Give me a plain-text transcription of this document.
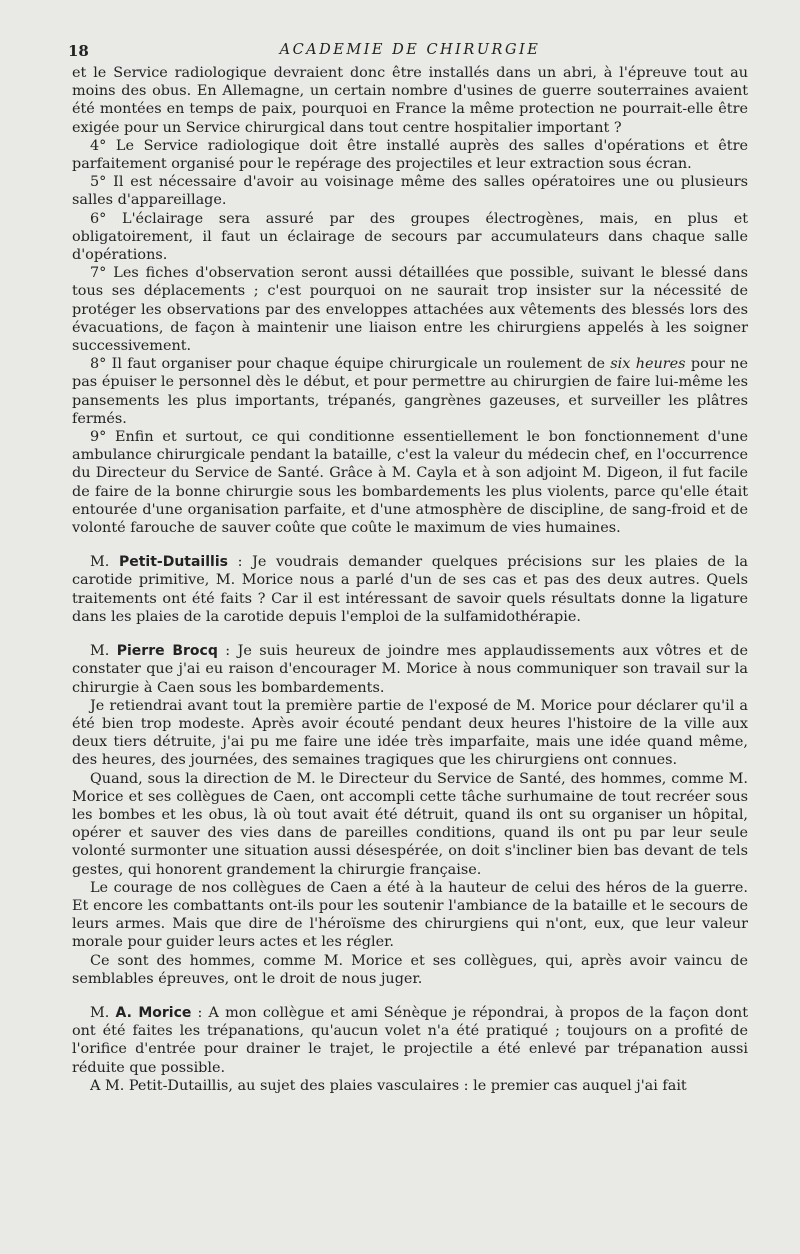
18	ACADEMIE DE CHIRURGIE

et le Service radiologique devraient donc être installés dans un abri, à l'épreuve tout au moins des obus. En Allemagne, un certain nombre d'usines de guerre souterraines avaient été montées en temps de paix, pourquoi en France la même protection ne pourrait-elle être exigée pour un Service chirurgical dans tout centre hospitalier important ?

4° Le Service radiologique doit être installé auprès des salles d'opérations et être parfaitement organisé pour le repérage des projectiles et leur extraction sous écran.

5° Il est nécessaire d'avoir au voisinage même des salles opératoires une ou plusieurs salles d'appareillage.

6° L'éclairage sera assuré par des groupes électrogènes, mais, en plus et obligatoirement, il faut un éclairage de secours par accumulateurs dans chaque salle d'opérations.

7° Les fiches d'observation seront aussi détaillées que possible, suivant le blessé dans tous ses déplacements ; c'est pourquoi on ne saurait trop insister sur la nécessité de protéger les observations par des enveloppes attachées aux vêtements des blessés lors des évacuations, de façon à maintenir une liaison entre les chirurgiens appelés à les soigner successivement.

8° Il faut organiser pour chaque équipe chirurgicale un roulement de six heures pour ne pas épuiser le personnel dès le début, et pour permettre au chirurgien de faire lui-même les pansements les plus importants, trépanés, gangrènes gazeuses, et surveiller les plâtres fermés.

9° Enfin et surtout, ce qui conditionne essentiellement le bon fonctionnement d'une ambulance chirurgicale pendant la bataille, c'est la valeur du médecin chef, en l'occurrence du Directeur du Service de Santé. Grâce à M. Cayla et à son adjoint M. Digeon, il fut facile de faire de la bonne chirurgie sous les bombardements les plus violents, parce qu'elle était entourée d'une organisation parfaite, et d'une atmosphère de discipline, de sang-froid et de volonté farouche de sauver coûte que coûte le maximum de vies humaines.

M. Petit-Dutaillis : Je voudrais demander quelques précisions sur les plaies de la carotide primitive, M. Morice nous a parlé d'un de ses cas et pas des deux autres. Quels traitements ont été faits ? Car il est intéressant de savoir quels résultats donne la ligature dans les plaies de la carotide depuis l'emploi de la sulfamidothérapie.

M. Pierre Brocq : Je suis heureux de joindre mes applaudissements aux vôtres et de constater que j'ai eu raison d'encourager M. Morice à nous communiquer son travail sur la chirurgie à Caen sous les bombardements.

Je retiendrai avant tout la première partie de l'exposé de M. Morice pour déclarer qu'il a été bien trop modeste. Après avoir écouté pendant deux heures l'histoire de la ville aux deux tiers détruite, j'ai pu me faire une idée très imparfaite, mais une idée quand même, des heures, des journées, des semaines tragiques que les chirurgiens ont connues.

Quand, sous la direction de M. le Directeur du Service de Santé, des hommes, comme M. Morice et ses collègues de Caen, ont accompli cette tâche surhumaine de tout recréer sous les bombes et les obus, là où tout avait été détruit, quand ils ont su organiser un hôpital, opérer et sauver des vies dans de pareilles conditions, quand ils ont pu par leur seule volonté surmonter une situation aussi désespérée, on doit s'incliner bien bas devant de tels gestes, qui honorent grandement la chirurgie française.

Le courage de nos collègues de Caen a été à la hauteur de celui des héros de la guerre. Et encore les combattants ont-ils pour les soutenir l'ambiance de la bataille et le secours de leurs armes. Mais que dire de l'héroïsme des chirurgiens qui n'ont, eux, que leur valeur morale pour guider leurs actes et les régler.

Ce sont des hommes, comme M. Morice et ses collègues, qui, après avoir vaincu de semblables épreuves, ont le droit de nous juger.

M. A. Morice : A mon collègue et ami Sénèque je répondrai, à propos de la façon dont ont été faites les trépanations, qu'aucun volet n'a été pratiqué ; toujours on a profité de l'orifice d'entrée pour drainer le trajet, le projectile a été enlevé par trépanation aussi réduite que possible.

A M. Petit-Dutaillis, au sujet des plaies vasculaires : le premier cas auquel j'ai fait
